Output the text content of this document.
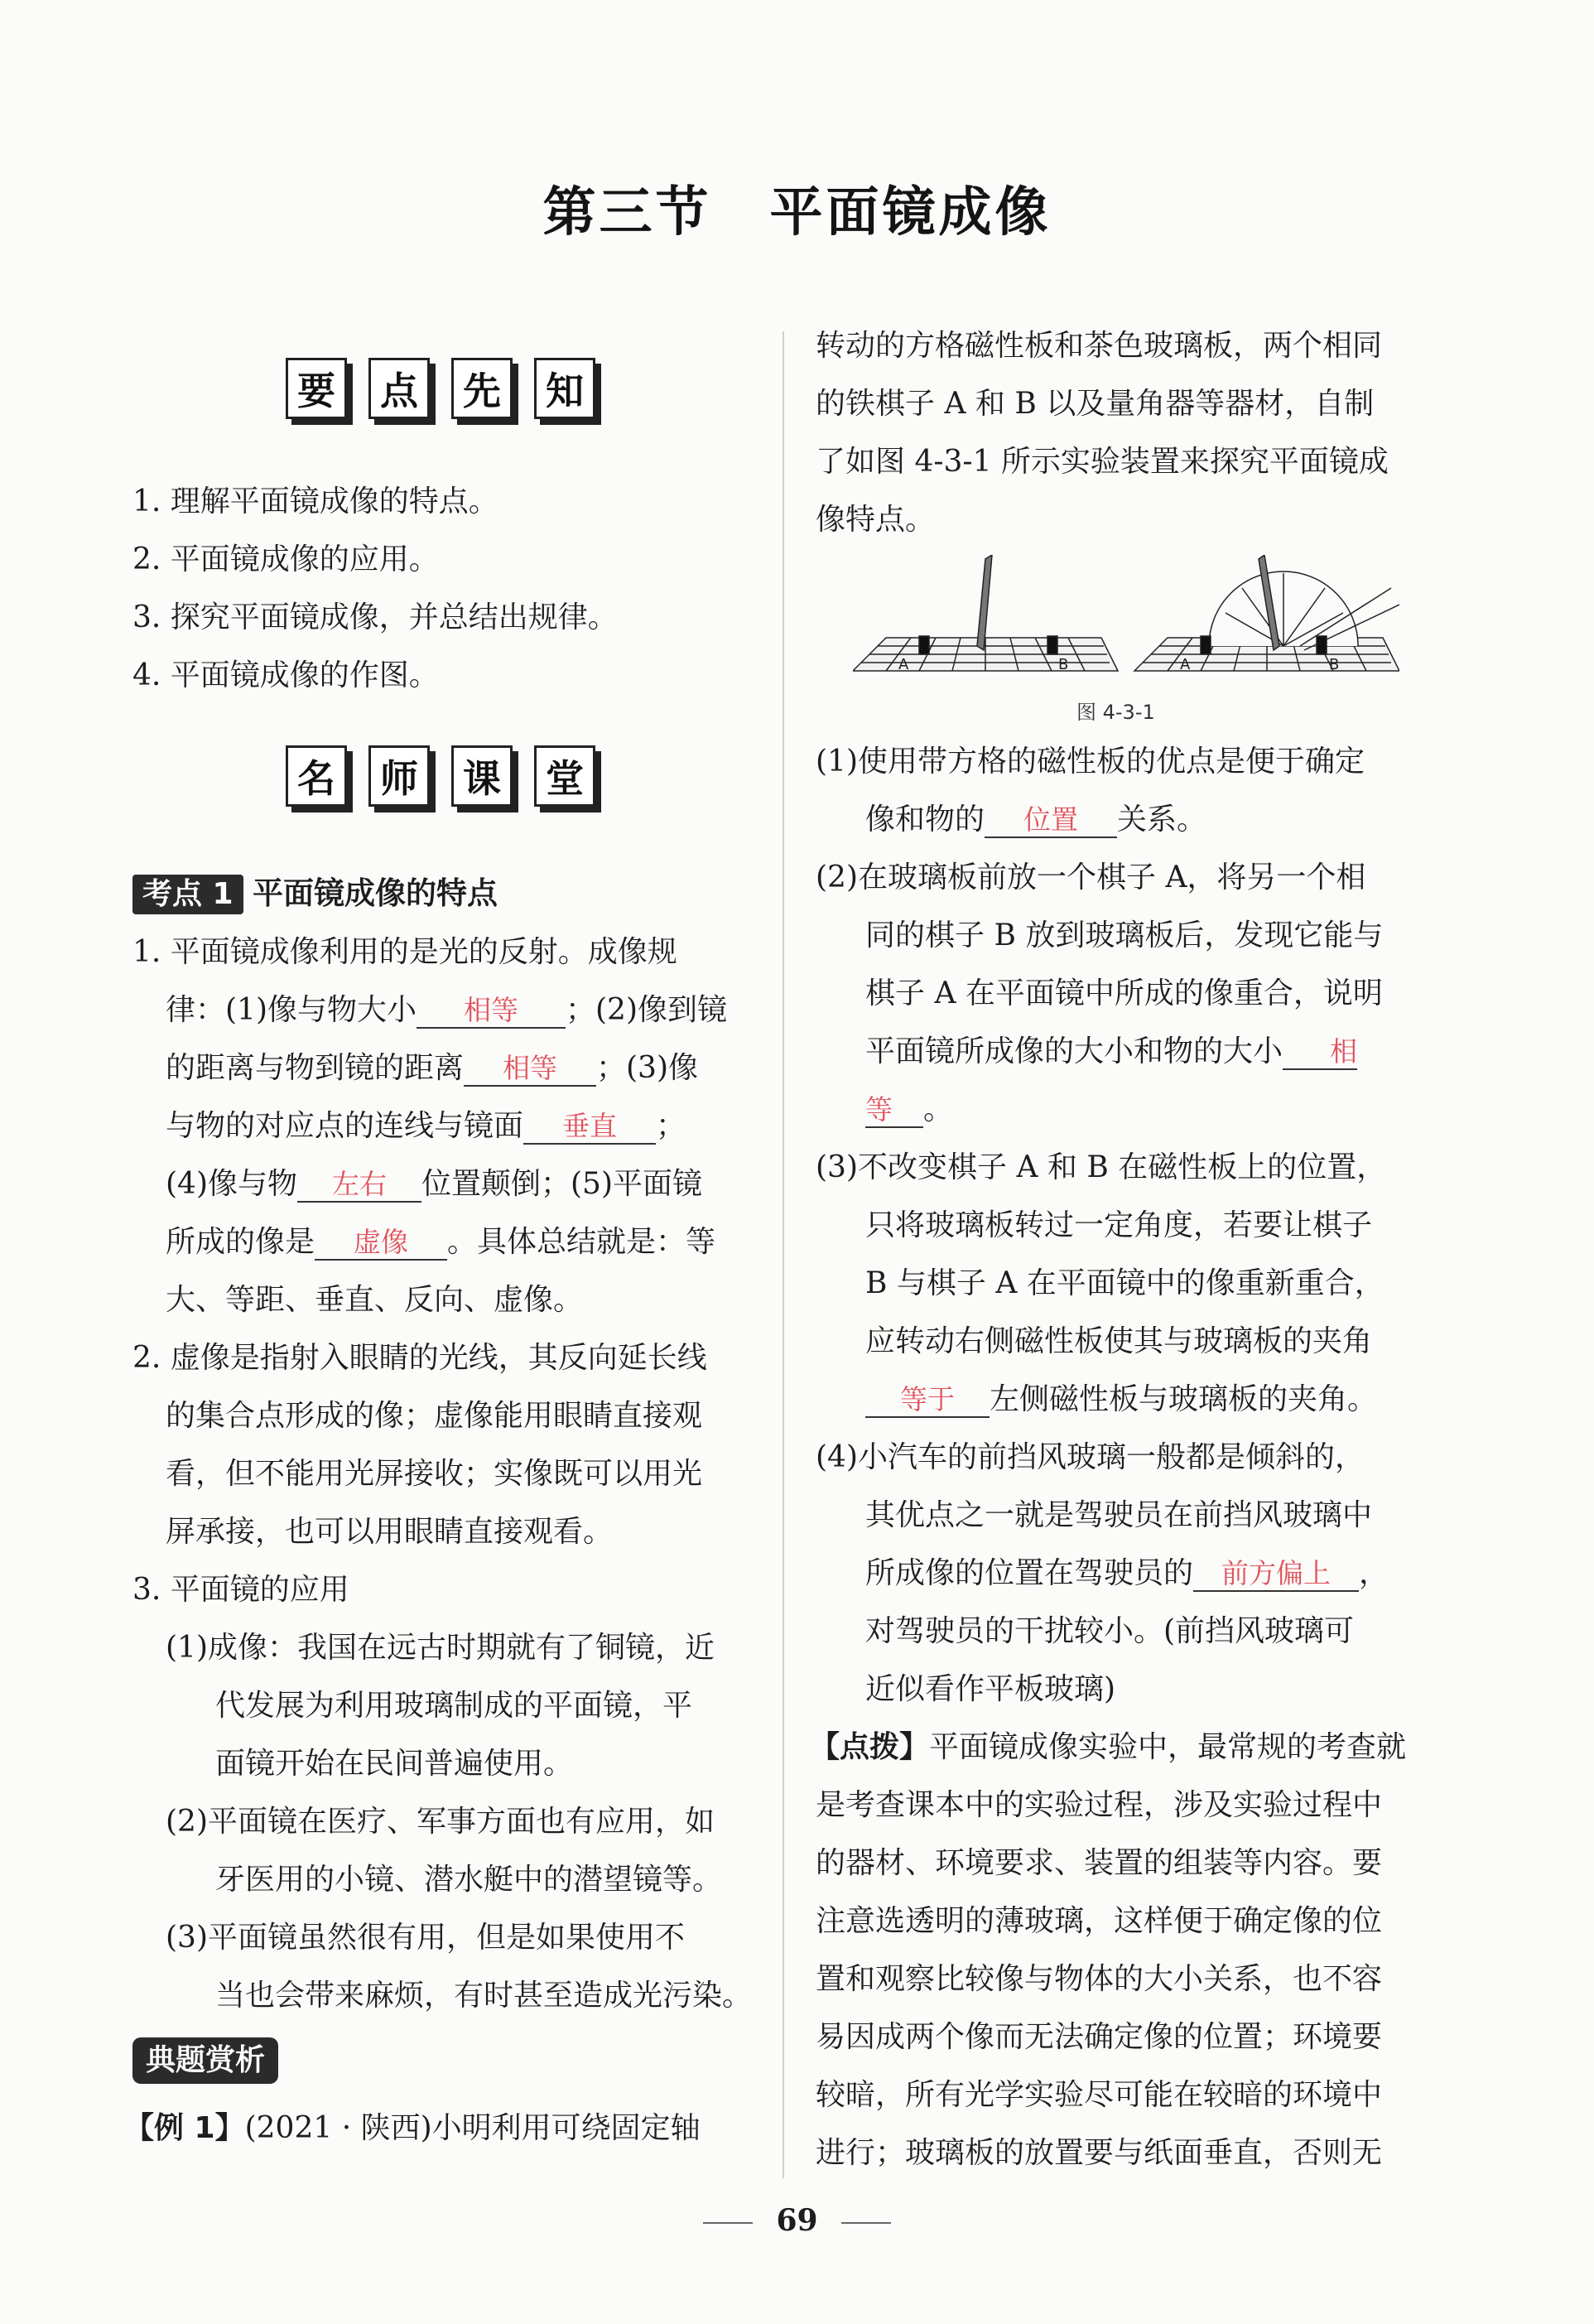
第三节 平面镜成像
要	点	先	知
1. 理解平面镜成像的特点。
2. 平面镜成像的应用。
3. 探究平面镜成像，并总结出规律。
4. 平面镜成像的作图。
名	师	课	堂
考点 1 平面镜成像的特点
1. 平面镜成像利用的是光的反射。成像规
律：(1)像与物大小 相等 ；(2)像到镜
的距离与物到镜的距离 相等 ；(3)像
与物的对应点的连线与镜面 垂直 ；
(4)像与物 左右 位置颠倒；(5)平面镜
所成的像是 虚像 。具体总结就是：等
大、等距、垂直、反向、虚像。
2. 虚像是指射入眼睛的光线，其反向延长线
的集合点形成的像；虚像能用眼睛直接观
看，但不能用光屏接收；实像既可以用光
屏承接，也可以用眼睛直接观看。
3. 平面镜的应用
(1)成像：我国在远古时期就有了铜镜，近
代发展为利用玻璃制成的平面镜，平
面镜开始在民间普遍使用。
(2)平面镜在医疗、军事方面也有应用，如
牙医用的小镜、潜水艇中的潜望镜等。
(3)平面镜虽然很有用，但是如果使用不
当也会带来麻烦，有时甚至造成光污染。
典题赏析
【例 1】(2021 · 陕西)小明利用可绕固定轴
转动的方格磁性板和茶色玻璃板，两个相同
的铁棋子 A 和 B 以及量角器等器材，自制
了如图 4-3-1 所示实验装置来探究平面镜成
像特点。
A	B	A	B
图 4-3-1
(1)使用带方格的磁性板的优点是便于确定
像和物的 位置 关系。
(2)在玻璃板前放一个棋子 A，将另一个相
同的棋子 B 放到玻璃板后，发现它能与
棋子 A 在平面镜中所成的像重合，说明
平面镜所成像的大小和物的大小 相
等 。
(3)不改变棋子 A 和 B 在磁性板上的位置，
只将玻璃板转过一定角度，若要让棋子
B 与棋子 A 在平面镜中的像重新重合，
应转动右侧磁性板使其与玻璃板的夹角
等于 左侧磁性板与玻璃板的夹角。
(4)小汽车的前挡风玻璃一般都是倾斜的，
其优点之一就是驾驶员在前挡风玻璃中
所成像的位置在驾驶员的 前方偏上 ，
对驾驶员的干扰较小。(前挡风玻璃可
近似看作平板玻璃)
【点拨】平面镜成像实验中，最常规的考查就
是考查课本中的实验过程，涉及实验过程中
的器材、环境要求、装置的组装等内容。要
注意选透明的薄玻璃，这样便于确定像的位
置和观察比较像与物体的大小关系，也不容
易因成两个像而无法确定像的位置；环境要
较暗，所有光学实验尽可能在较暗的环境中
进行；玻璃板的放置要与纸面垂直，否则无
69
